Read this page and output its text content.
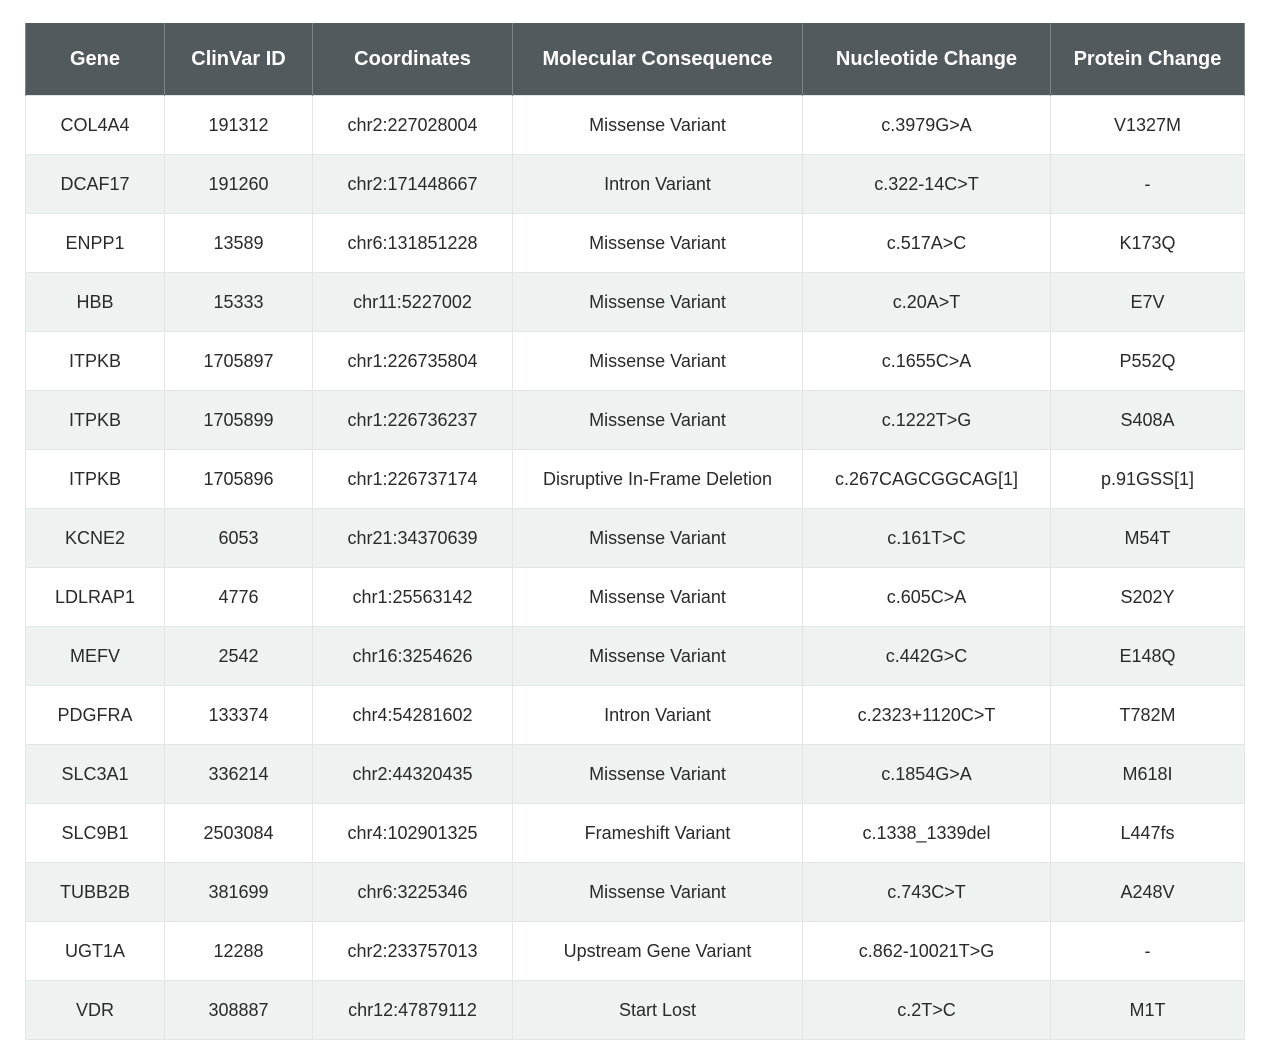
Gene	ClinVar ID	Coordinates	Molecular Consequence	Nucleotide Change	Protein Change
COL4A4	191312	chr2:227028004	Missense Variant	c.3979G>A	V1327M
DCAF17	191260	chr2:171448667	Intron Variant	c.322-14C>T	-
ENPP1	13589	chr6:131851228	Missense Variant	c.517A>C	K173Q
HBB	15333	chr11:5227002	Missense Variant	c.20A>T	E7V
ITPKB	1705897	chr1:226735804	Missense Variant	c.1655C>A	P552Q
ITPKB	1705899	chr1:226736237	Missense Variant	c.1222T>G	S408A
ITPKB	1705896	chr1:226737174	Disruptive In-Frame Deletion	c.267CAGCGGCAG[1]	p.91GSS[1]
KCNE2	6053	chr21:34370639	Missense Variant	c.161T>C	M54T
LDLRAP1	4776	chr1:25563142	Missense Variant	c.605C>A	S202Y
MEFV	2542	chr16:3254626	Missense Variant	c.442G>C	E148Q
PDGFRA	133374	chr4:54281602	Intron Variant	c.2323+1120C>T	T782M
SLC3A1	336214	chr2:44320435	Missense Variant	c.1854G>A	M618I
SLC9B1	2503084	chr4:102901325	Frameshift Variant	c.1338_1339del	L447fs
TUBB2B	381699	chr6:3225346	Missense Variant	c.743C>T	A248V
UGT1A	12288	chr2:233757013	Upstream Gene Variant	c.862-10021T>G	-
VDR	308887	chr12:47879112	Start Lost	c.2T>C	M1T
